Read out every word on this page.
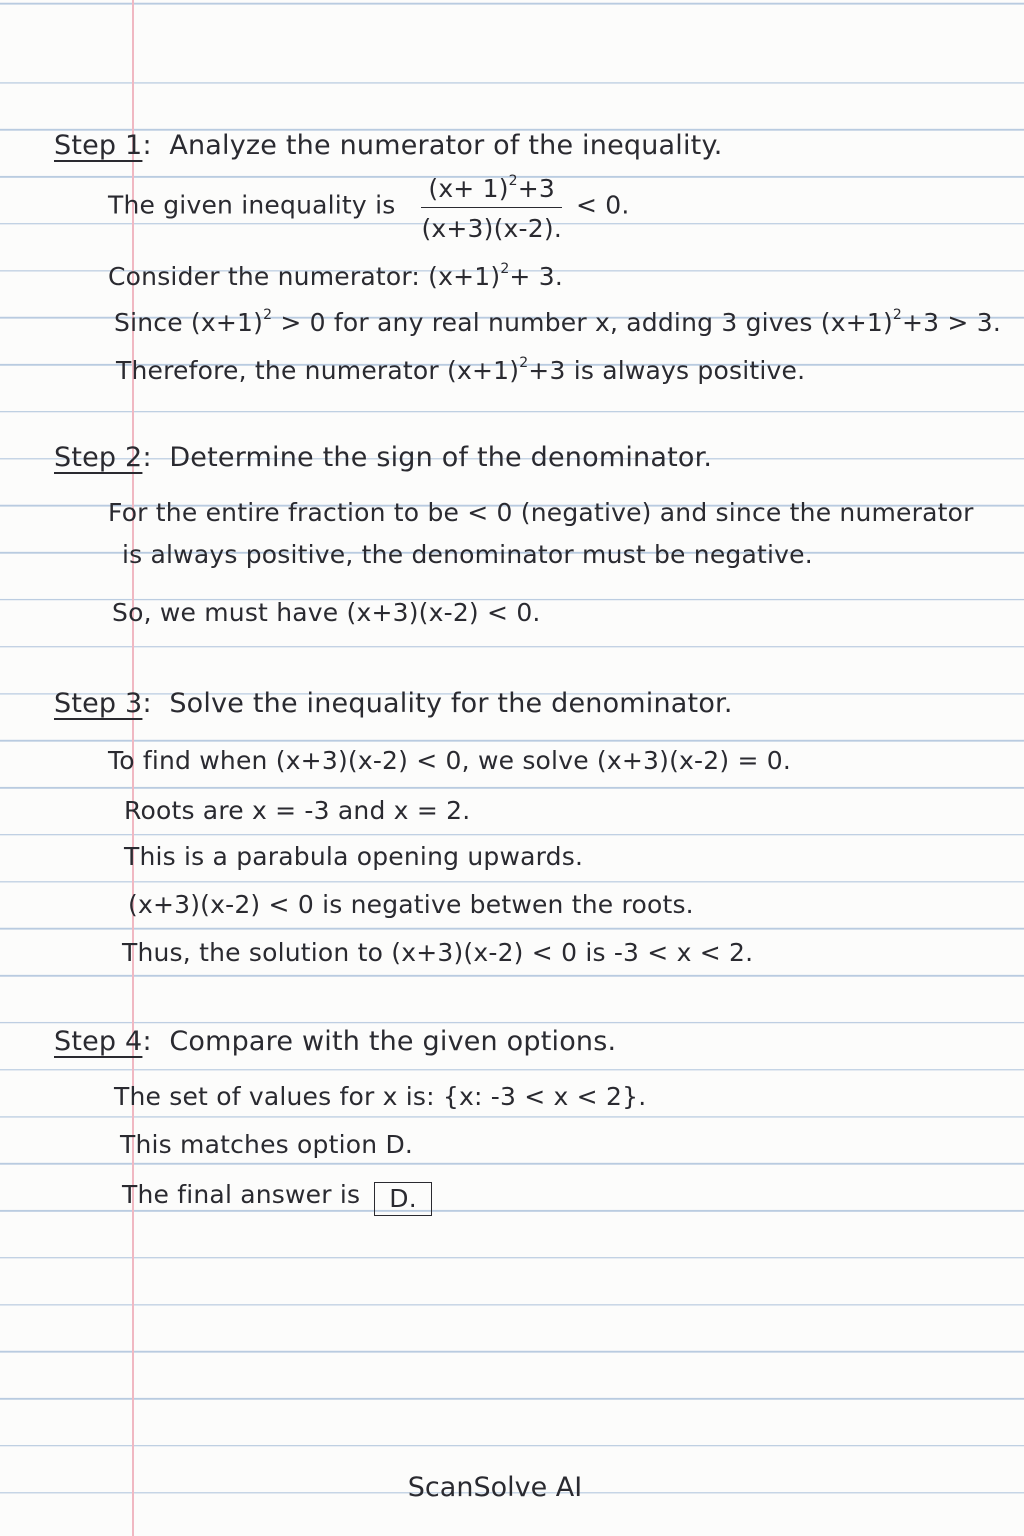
Step 1:  Analyze the numerator of the inequality.
The given inequality is $\frac{(x+ 1)^2+3}{(x+3)(x-2).} < 0$.
Consider the numerator: $(x+1)^2+ 3$.
Since $(x+1)^2 > 0$ for any real number x, adding 3 gives $(x+1)^2+3 > 3$.
Therefore, the numerator $(x+1)^2+3$ is always positive.
Step 2:  Determine the sign of the denominator.
For the entire fraction to be < 0 (negative) and since the numerator
is always positive, the denominator must be negative.
So, we must have (x+3)(x-2) < 0.
Step 3:  Solve the inequality for the denominator.
To find when (x+3)(x-2) < 0, we solve (x+3)(x-2) = 0.
Roots are x = -3 and x = 2.
This is a parabula opening upwards.
(x+3)(x-2) < 0 is negative betwen the roots.
Thus, the solution to (x+3)(x-2) < 0 is -3 < x < 2.
Step 4:  Compare with the given options.
The set of values for x is: {x: -3 < x < 2}.
This matches option D.
The final answer is D.
ScanSolve AI
